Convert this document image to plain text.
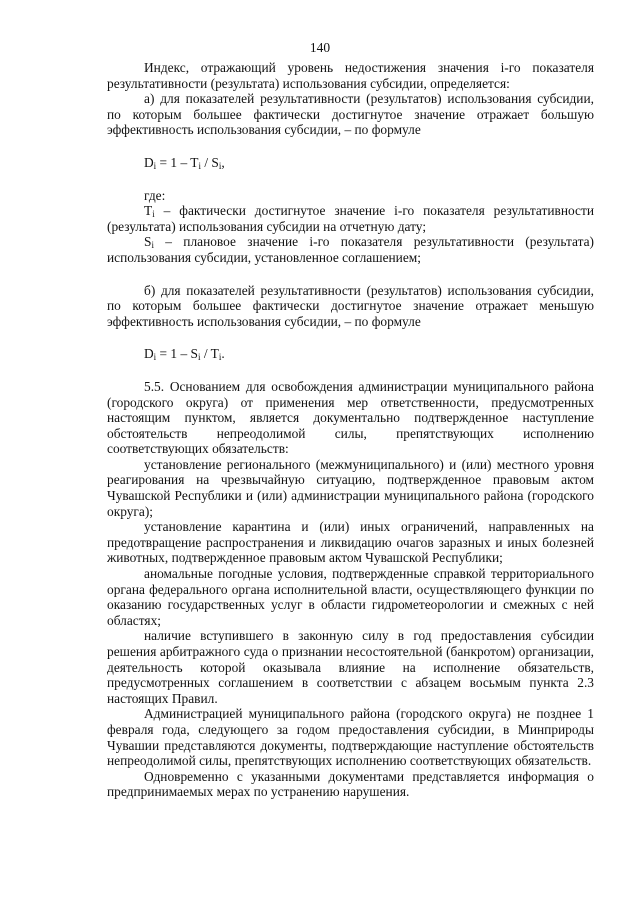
140

Индекс, отражающий уровень недостижения значения i-го показателя результативности (результата) использования субсидии, определяется:

а) для показателей результативности (результатов) использования субсидии, по которым большее фактически достигнутое значение отражает большую эффективность использования субсидии, – по формуле

$D_i = 1 - T_i / S_i$,

где:

$T_i$ – фактически достигнутое значение i-го показателя результативности (результата) использования субсидии на отчетную дату;

$S_i$ – плановое значение i-го показателя результативности (результата) использования субсидии, установленное соглашением;

б) для показателей результативности (результатов) использования субсидии, по которым большее фактически достигнутое значение отражает меньшую эффективность использования субсидии, – по формуле

$D_i = 1 - S_i / T_i$.

5.5. Основанием для освобождения администрации муниципального района (городского округа) от применения мер ответственности, предусмотренных настоящим пунктом, является документально подтвержденное наступление обстоятельств непреодолимой силы, препятствующих исполнению соответствующих обязательств:

установление регионального (межмуниципального) и (или) местного уровня реагирования на чрезвычайную ситуацию, подтвержденное правовым актом Чувашской Республики и (или) администрации муниципального района (городского округа);

установление карантина и (или) иных ограничений, направленных на предотвращение распространения и ликвидацию очагов заразных и иных болезней животных, подтвержденное правовым актом Чувашской Республики;

аномальные погодные условия, подтвержденные справкой территориального органа федерального органа исполнительной власти, осуществляющего функции по оказанию государственных услуг в области гидрометеорологии и смежных с ней областях;

наличие вступившего в законную силу в год предоставления субсидии решения арбитражного суда о признании несостоятельной (банкротом) организации, деятельность которой оказывала влияние на исполнение обязательств, предусмотренных соглашением в соответствии с абзацем восьмым пункта 2.3 настоящих Правил.

Администрацией муниципального района (городского округа) не позднее 1 февраля года, следующего за годом предоставления субсидии, в Минприроды Чувашии представляются документы, подтверждающие наступление обстоятельств непреодолимой силы, препятствующих исполнению соответствующих обязательств.

Одновременно с указанными документами представляется информация о предпринимаемых мерах по устранению нарушения.
